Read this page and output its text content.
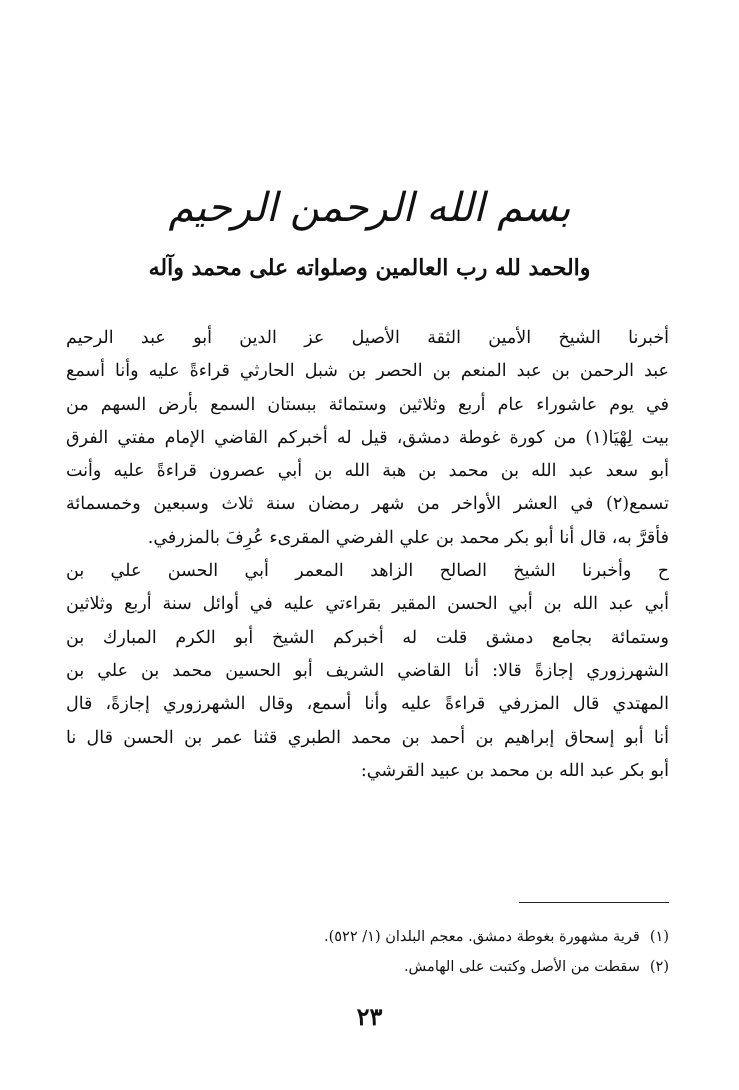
بسم الله الرحمن الرحيم
والحمد لله رب العالمين وصلواته على محمد وآله
أخبرنا الشيخ الأمين الثقة الأصيل عز الدين أبو عبد الرحيم
عبد الرحمن بن عبد المنعم بن الحصر بن شبل الحارثي قراءةً عليه وأنا أسمع
في يوم عاشوراء عام أربع وثلاثين وستمائة ببستان السمع بأرض السهم من
بيت لِهْيَا(١) من كورة غوطة دمشق، قيل له أخبركم القاضي الإمام مفتي الفرق
أبو سعد عبد الله بن محمد بن هبة الله بن أبي عصرون قراءةً عليه وأنت
تسمع(٢) في العشر الأواخر من شهر رمضان سنة ثلاث وسبعين وخمسمائة
فأقرَّ به، قال أنا أبو بكر محمد بن علي الفرضي المقرىء عُرِفَ بالمزرفي.
ح وأخبرنا الشيخ الصالح الزاهد المعمر أبي الحسن علي بن
أبي عبد الله بن أبي الحسن المقير بقراءتي عليه في أوائل سنة أربع وثلاثين
وستمائة بجامع دمشق قلت له أخبركم الشيخ أبو الكرم المبارك بن
الشهرزوري إجازةً قالا: أنا القاضي الشريف أبو الحسين محمد بن علي بن
المهتدي قال المزرفي قراءةً عليه وأنا أسمع، وقال الشهرزوري إجازةً، قال
أنا أبو إسحاق إبراهيم بن أحمد بن محمد الطبري قثنا عمر بن الحسن قال نا
أبو بكر عبد الله بن محمد بن عبيد القرشي:
(١)قرية مشهورة بغوطة دمشق. معجم البلدان (١/ ٥٢٢).
(٢)سقطت من الأصل وكتبت على الهامش.
٢٣
